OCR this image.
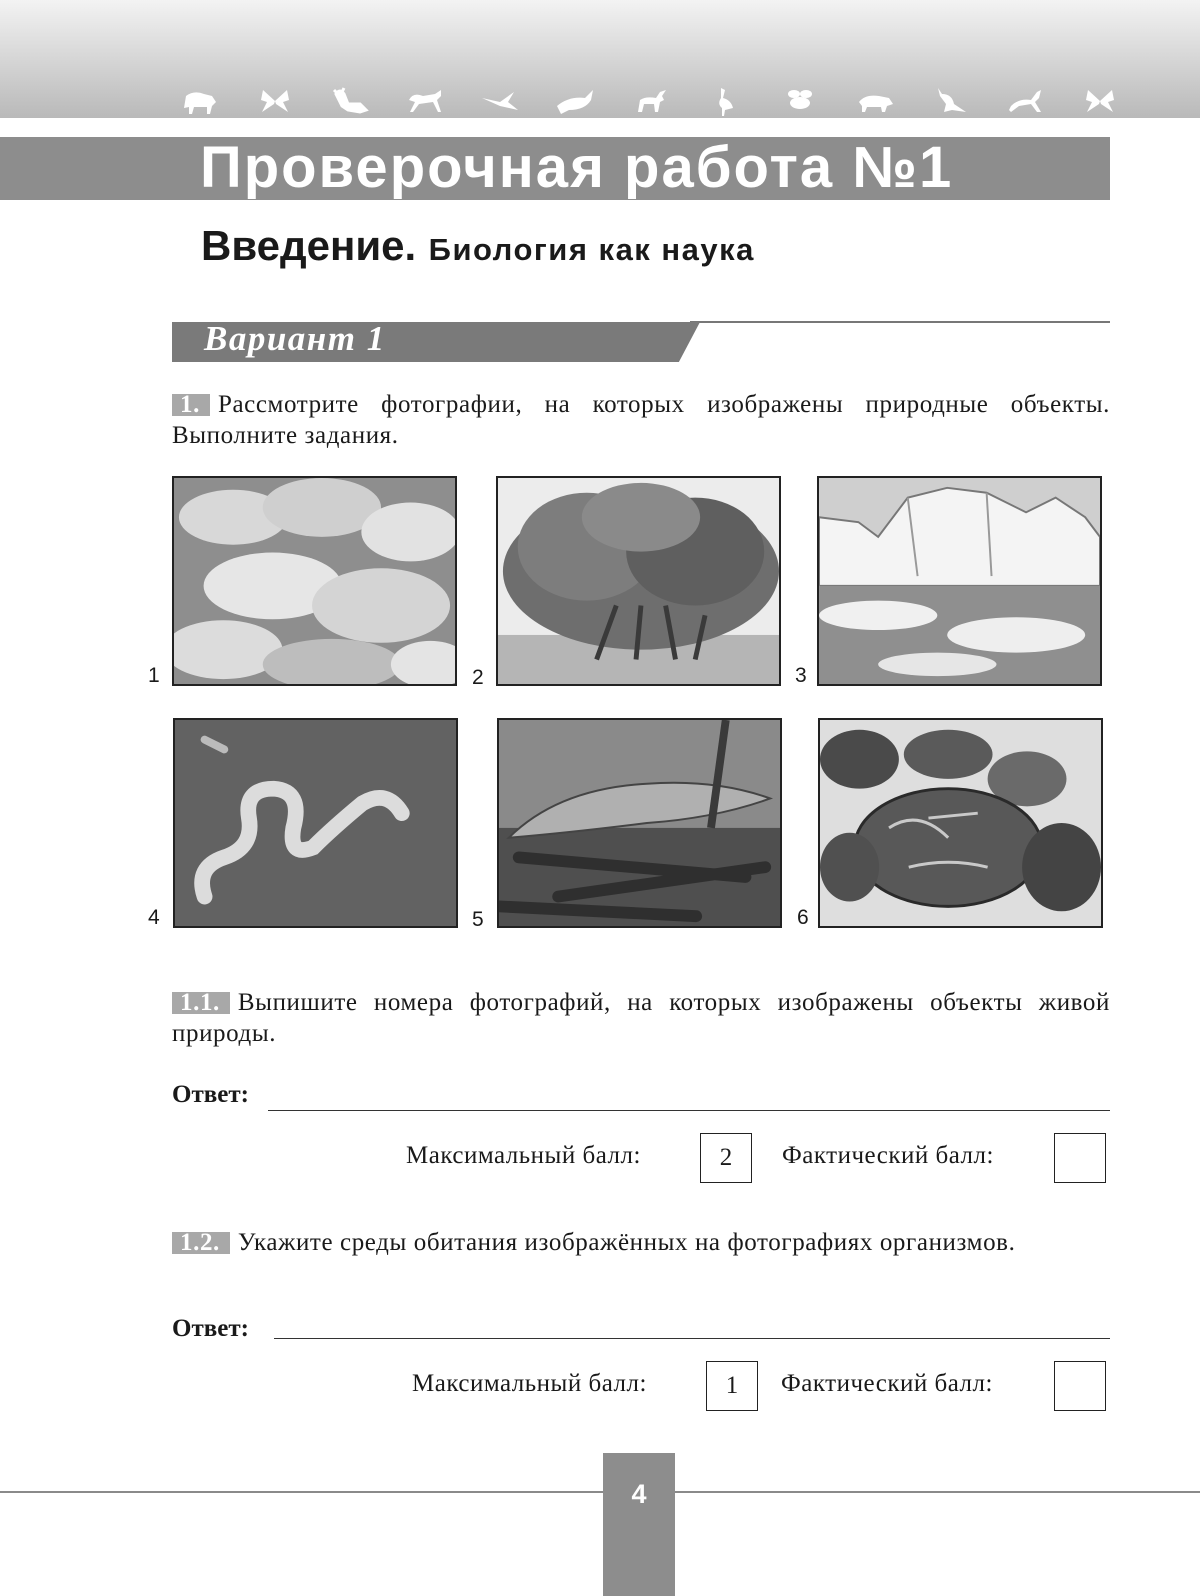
Проверочная работа №1
Введение. Биология как наука
Вариант 1
1. Рассмотрите фотографии, на которых изображены природные объекты. Выполните задания.
1	2	3
4	5	6
1.1. Выпишите номера фотографий, на которых изображены объекты живой природы.
Ответ:
Максимальный балл:	2	Фактический балл:
1.2. Укажите среды обитания изображённых на фотографиях организмов.
Ответ:
Максимальный балл:	1	Фактический балл:
4
